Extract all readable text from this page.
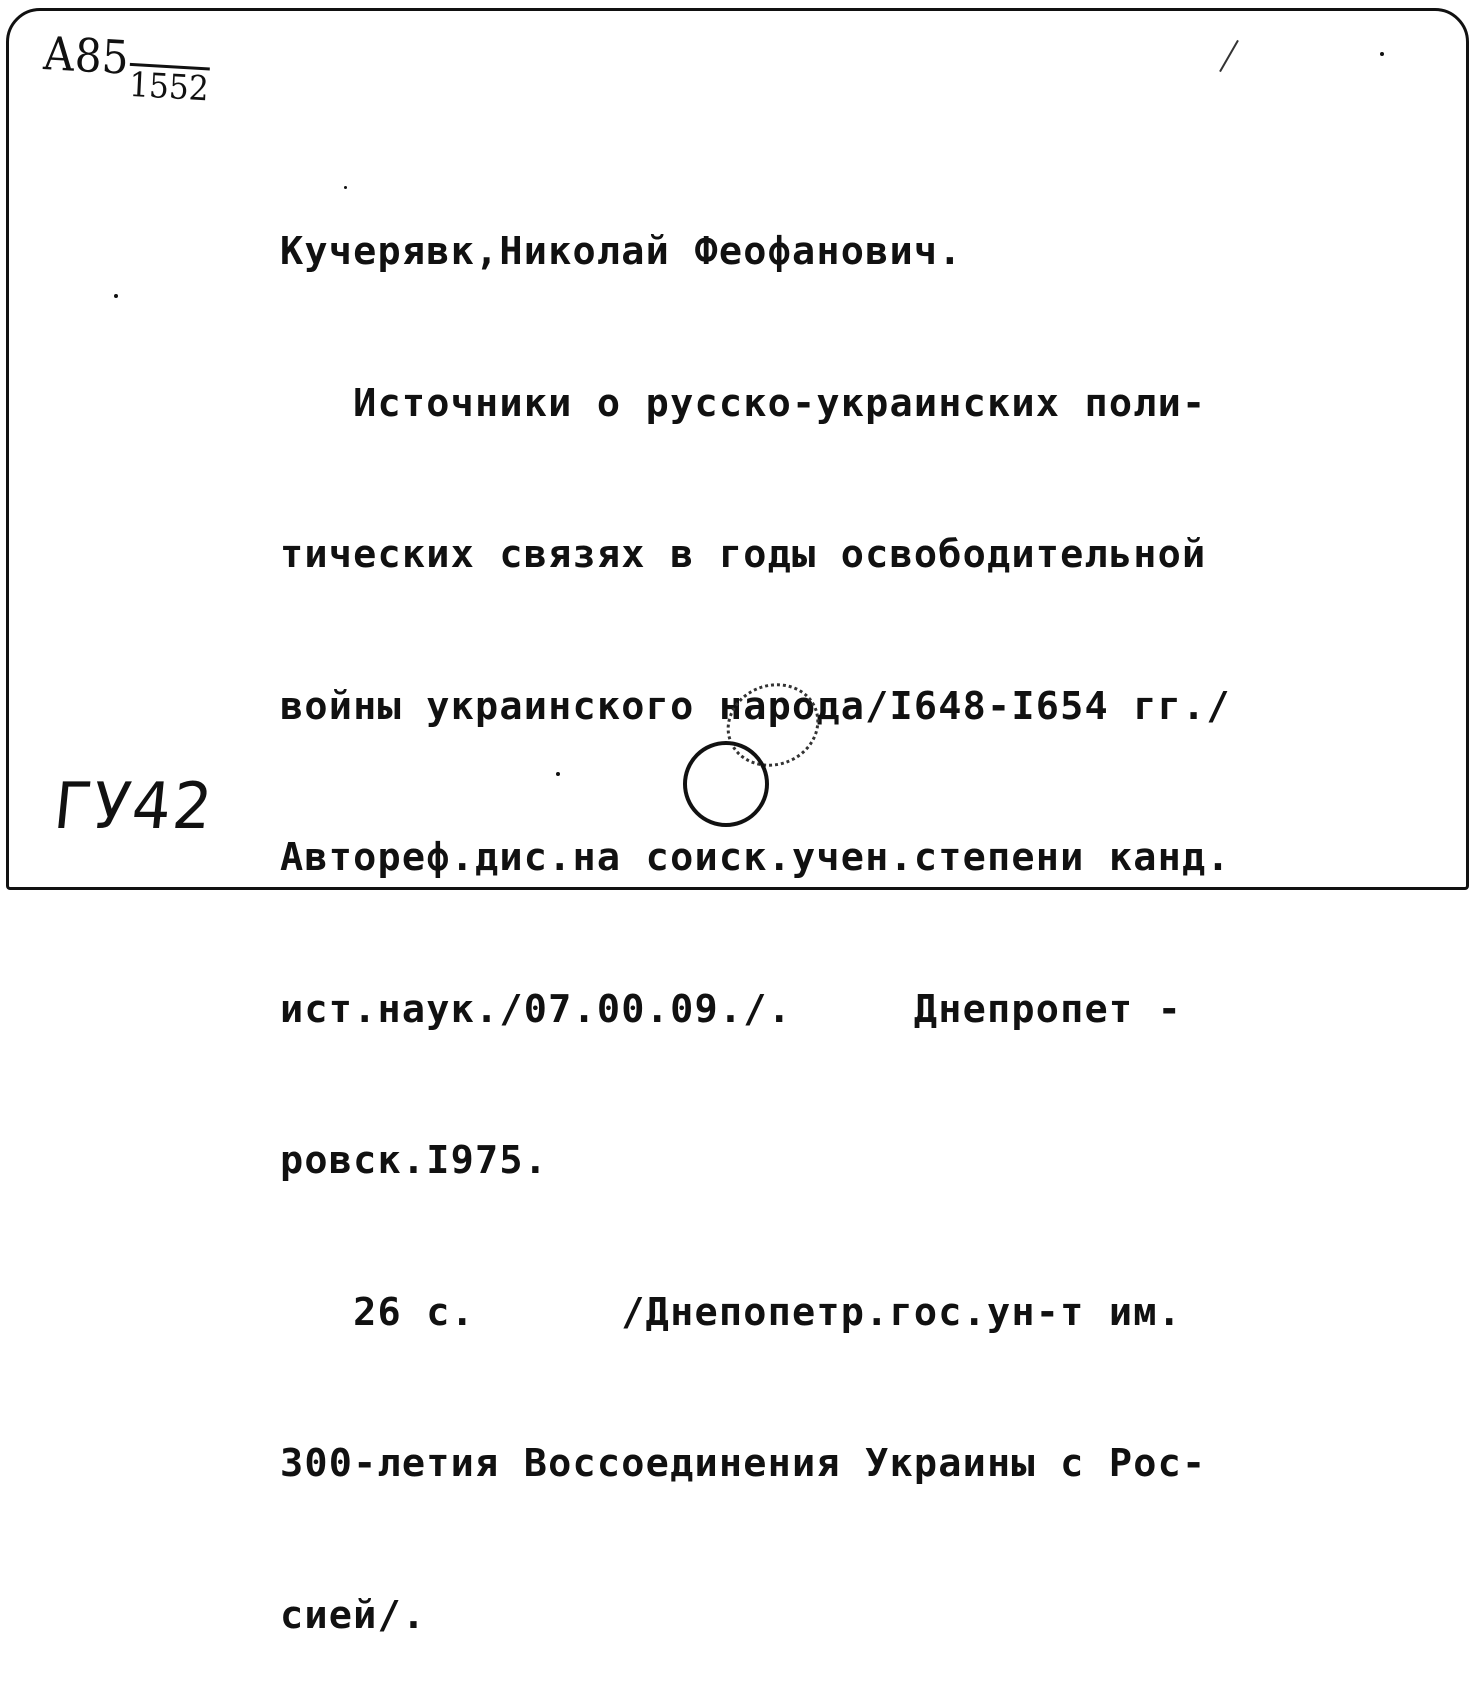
А851552

Кучерявк,Николай Феофанович.

Источники о русско-украинских поли-

тических связях в годы освободительной

войны украинского народа/I648-I654 гг./

Автореф.дис.на соиск.учен.степени канд.

ист.наук./07.00.09./.     Днепропет -

ровск.I975.

26 с.      /Днепопетр.гос.ун-т им.

300-летия Воссоединения Украины с Рос-

сией/.

ГУ42
